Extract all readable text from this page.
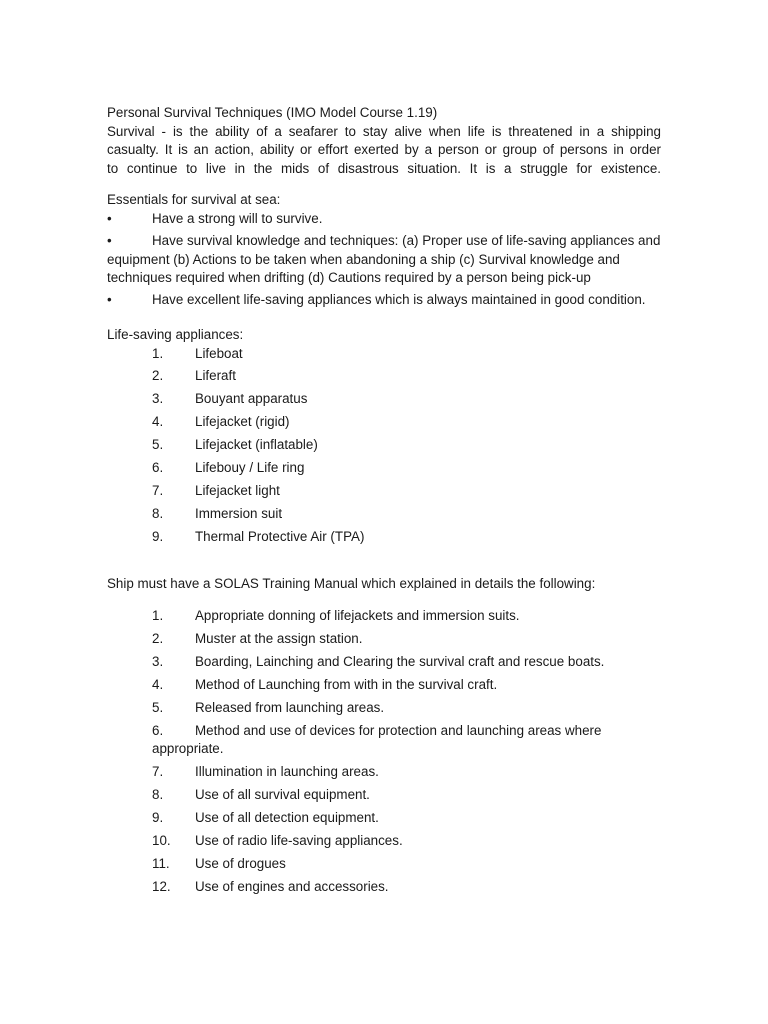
Personal Survival Techniques (IMO Model Course 1.19)

Survival - is the ability of a seafarer to stay alive when life is threatened in a shipping

casualty. It is an action, ability or effort exerted by a person or group of persons in order

to continue to live in the mids of disastrous situation. It is a struggle for existence.

Essentials for survival at sea:

•	Have a strong will to survive.

•	Have survival knowledge and techniques: (a) Proper use of life-saving appliances and equipment (b) Actions to be taken when abandoning a ship (c) Survival knowledge and techniques required when drifting (d) Cautions required by a person being pick-up

•	Have excellent life-saving appliances which is always maintained in good condition.

Life-saving appliances:

1.	Lifeboat
2.	Liferaft
3.	Bouyant apparatus
4.	Lifejacket (rigid)
5.	Lifejacket (inflatable)
6.	Lifebouy / Life ring
7.	Lifejacket light
8.	Immersion suit
9.	Thermal Protective Air (TPA)

Ship must have a SOLAS Training Manual which explained in details the following:

1.	Appropriate donning of lifejackets and immersion suits.
2.	Muster at the assign station.
3.	Boarding, Lainching and Clearing the survival craft and rescue boats.
4.	Method of Launching from with in the survival craft.
5.	Released from launching areas.
6. Method and use of devices for protection and launching areas where appropriate.
7.	Illumination in launching areas.
8.	Use of all survival equipment.
9.	Use of all detection equipment.
10.	Use of radio life-saving appliances.
11.	Use of drogues
12.	Use of engines and accessories.
